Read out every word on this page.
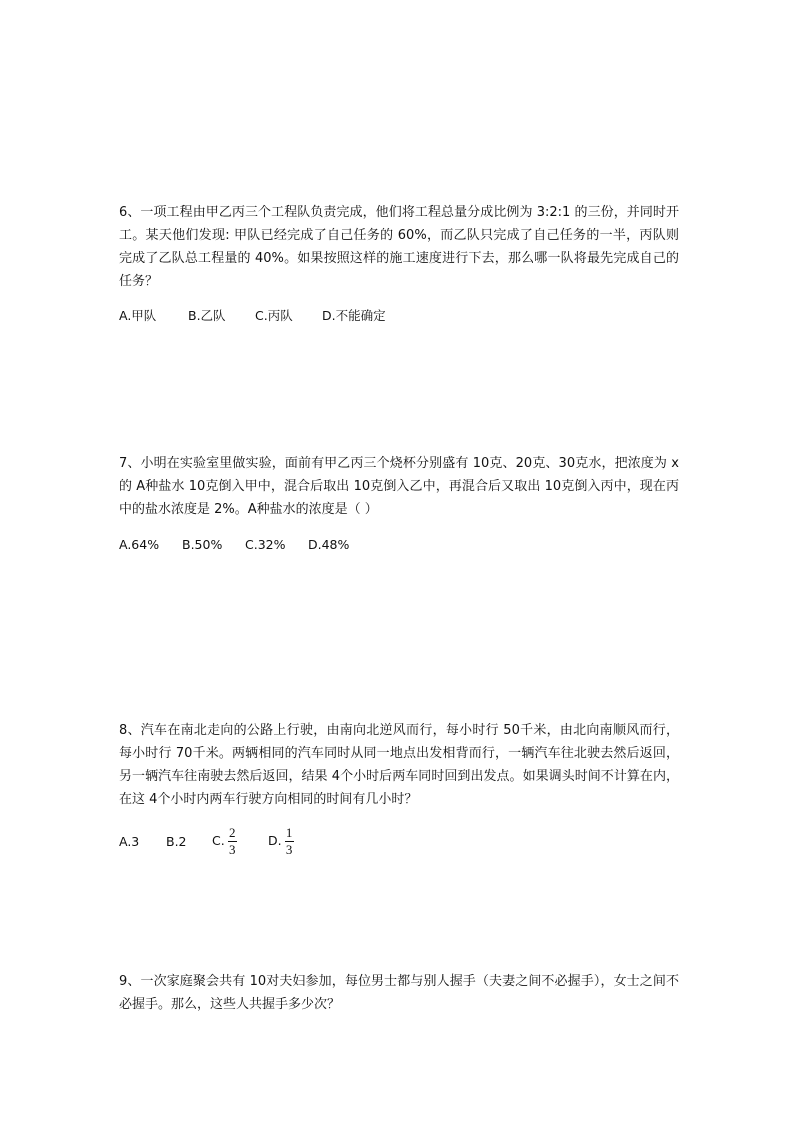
6、一项工程由甲乙丙三个工程队负责完成，他们将工程总量分成比例为 3:2:1 的三份，并同时开工。某天他们发现: 甲队已经完成了自己任务的 60%，而乙队只完成了自己任务的一半，丙队则完成了乙队总工程量的 40%。如果按照这样的施工速度进行下去，那么哪一队将最先完成自己的任务？

A.甲队	B.乙队 C.丙队 D.不能确定

7、小明在实验室里做实验，面前有甲乙丙三个烧杯分别盛有 10克、20克、30克水，把浓度为 x 的 A种盐水 10克倒入甲中，混合后取出 10克倒入乙中，再混合后又取出 10克倒入丙中，现在丙中的盐水浓度是 2%。A种盐水的浓度是（ ）

A.64% B.50% C.32% D.48%

8、汽车在南北走向的公路上行驶，由南向北逆风而行，每小时行 50千米，由北向南顺风而行，每小时行 70千米。两辆相同的汽车同时从同一地点出发相背而行，一辆汽车往北驶去然后返回，另一辆汽车往南驶去然后返回，结果 4个小时后两车同时回到出发点。如果调头时间不计算在内，在这 4个小时内两车行驶方向相同的时间有几小时？

A.3 B.2 C. $\frac{2}{3}$	D. $\frac{1}{3}$

9、一次家庭聚会共有 10对夫妇参加，每位男士都与别人握手（夫妻之间不必握手），女士之间不必握手。那么，这些人共握手多少次？
